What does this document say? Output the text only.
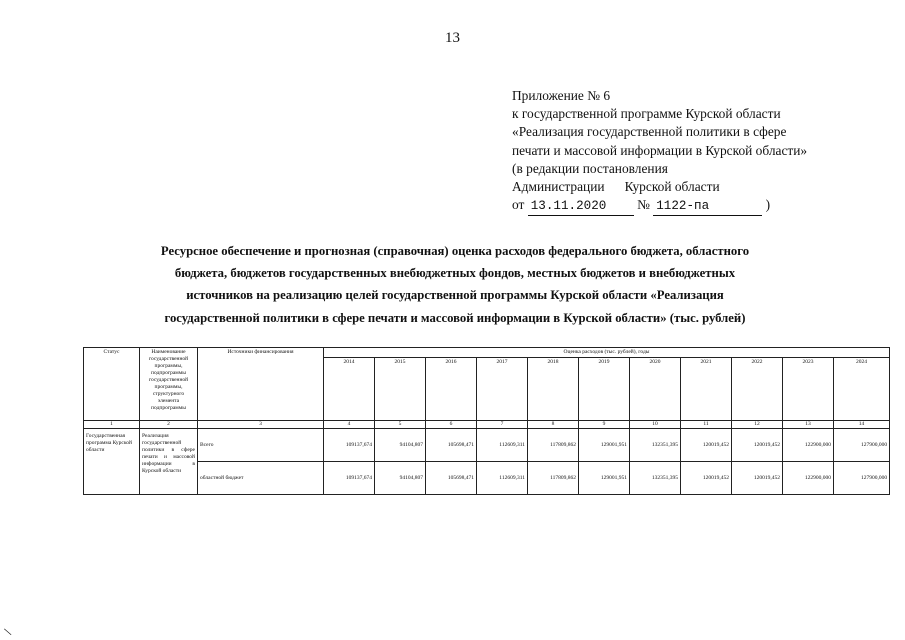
13
Приложение № 6
к государственной программе Курской области
«Реализация государственной политики в сфере
печати и массовой информации в Курской области»
(в редакции постановления
Администрации Курской области
от 13.11.2020 № 1122-па	)
Ресурсное обеспечение и прогнозная (справочная) оценка расходов федерального бюджета, областного
бюджета, бюджетов государственных внебюджетных фондов, местных бюджетов и внебюджетных
источников на реализацию целей государственной программы Курской области «Реализация
государственной политики в сфере печати и массовой информации в Курской области» (тыс. рублей)
Статус	Наименование государственной программы, подпрограммы государственной программы, структурного элемента подпрограммы	Источники финансирования	Оценка расходов (тыс. рублей), годы										
			2014	2015	2016	2017	2018	2019	2020	2021	2022	2023	2024
1	2	3	4	5	6	7	8	9	10	11	12	13	14
Государственная программа Курской области	Реализация государственной политики в сфере печати и массовой информации в Курской области	Всего	109137,674	94104,807	105698,471	112609,311	117809,862	129001,951	132351,395	120019,452	120019,452	122900,000	127900,000
		областной бюджет	109137,674	94104,807	105698,471	112609,311	117809,862	129001,951	132351,395	120019,452	120019,452	122900,000	127900,000
\
